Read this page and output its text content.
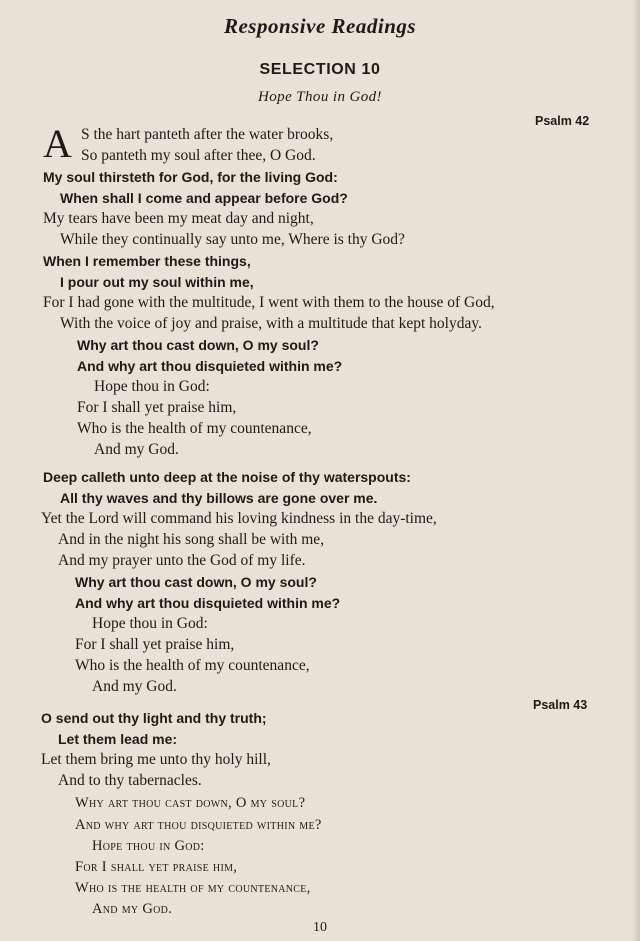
Responsive Readings
SELECTION 10
Hope Thou in God!
Psalm 42
A S the hart panteth after the water brooks,
So panteth my soul after thee, O God.
My soul thirsteth for God, for the living God:
When shall I come and appear before God?
My tears have been my meat day and night,
While they continually say unto me, Where is thy God?
When I remember these things,
I pour out my soul within me,
For I had gone with the multitude, I went with them to the house of God,
With the voice of joy and praise, with a multitude that kept holyday.
Why art thou cast down, O my soul?
And why art thou disquieted within me?
Hope thou in God:
For I shall yet praise him,
Who is the health of my countenance,
And my God.
Deep calleth unto deep at the noise of thy waterspouts:
All thy waves and thy billows are gone over me.
Yet the Lord will command his loving kindness in the day-time,
And in the night his song shall be with me,
And my prayer unto the God of my life.
Why art thou cast down, O my soul?
And why art thou disquieted within me?
Hope thou in God:
For I shall yet praise him,
Who is the health of my countenance,
And my God.
Psalm 43
O send out thy light and thy truth;
Let them lead me:
Let them bring me unto thy holy hill,
And to thy tabernacles.
Why art thou cast down, O my soul?
And why art thou disquieted within me?
Hope thou in God:
For I shall yet praise him,
Who is the health of my countenance,
And my God.
10
